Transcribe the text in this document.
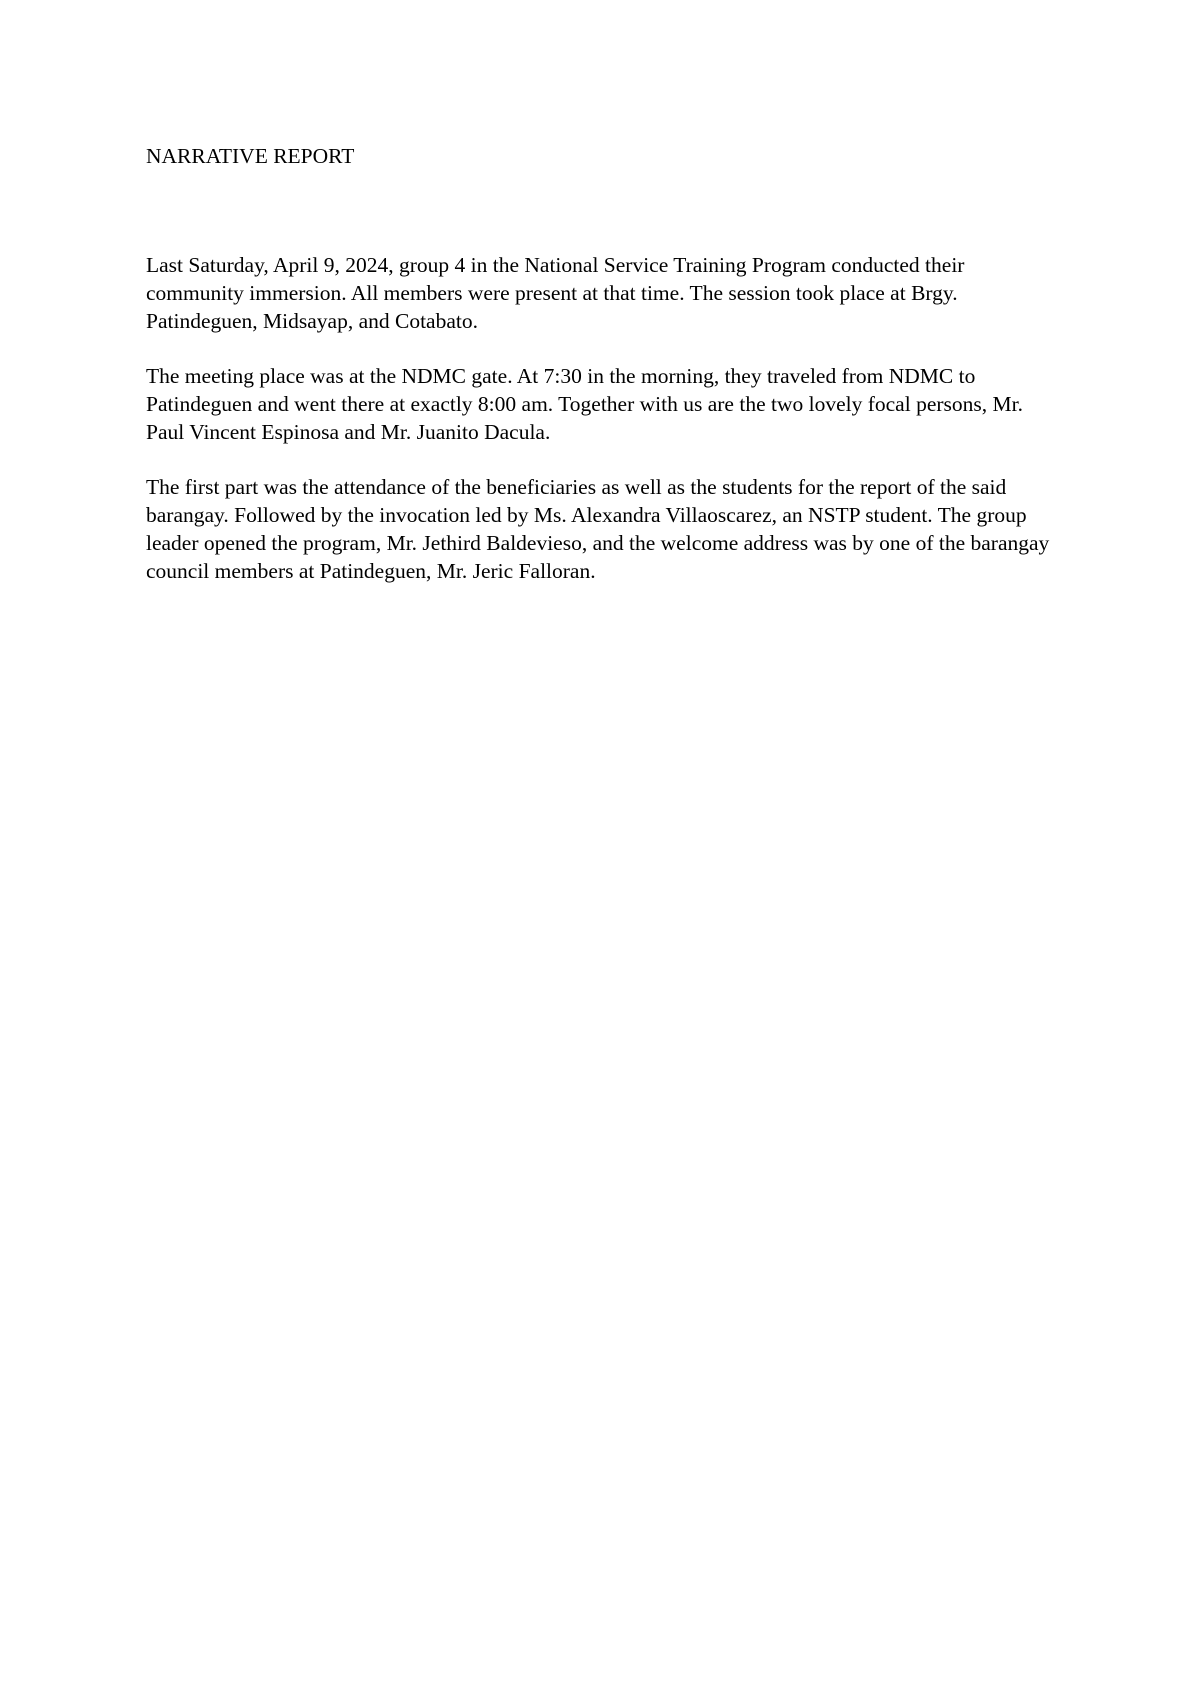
NARRATIVE REPORT

Last Saturday, April 9, 2024, group 4 in the National Service Training Program conducted their community immersion. All members were present at that time. The session took place at Brgy. Patindeguen, Midsayap, and Cotabato.

The meeting place was at the NDMC gate. At 7:30 in the morning, they traveled from NDMC to Patindeguen and went there at exactly 8:00 am. Together with us are the two lovely focal persons, Mr. Paul Vincent Espinosa and Mr. Juanito Dacula.

The first part was the attendance of the beneficiaries as well as the students for the report of the said barangay. Followed by the invocation led by Ms. Alexandra Villaoscarez, an NSTP student. The group leader opened the program, Mr. Jethird Baldevieso, and the welcome address was by one of the barangay council members at Patindeguen, Mr. Jeric Falloran.
